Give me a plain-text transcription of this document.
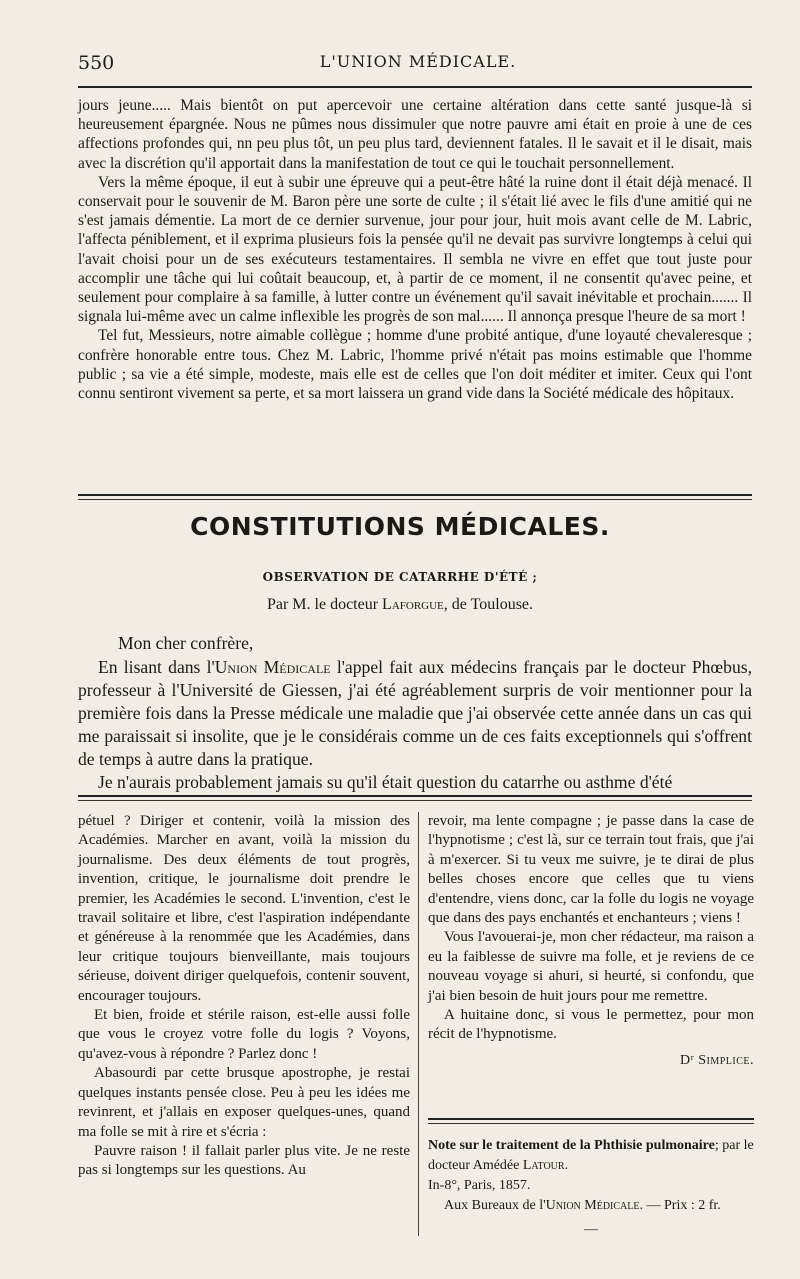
550	L'UNION MÉDICALE.

jours jeune..... Mais bientôt on put apercevoir une certaine altération dans cette santé jusque-là si heureusement épargnée. Nous ne pûmes nous dissimuler que notre pauvre ami était en proie à une de ces affections profondes qui, nn peu plus tôt, un peu plus tard, deviennent fatales. Il le savait et il le disait, mais avec la discrétion qu'il apportait dans la manifestation de tout ce qui le touchait personnellement.

Vers la même époque, il eut à subir une épreuve qui a peut-être hâté la ruine dont il était déjà menacé. Il conservait pour le souvenir de M. Baron père une sorte de culte ; il s'était lié avec le fils d'une amitié qui ne s'est jamais démentie. La mort de ce dernier survenue, jour pour jour, huit mois avant celle de M. Labric, l'affecta péniblement, et il exprima plusieurs fois la pensée qu'il ne devait pas survivre longtemps à celui qui l'avait choisi pour un de ses exécuteurs testamentaires. Il sembla ne vivre en effet que tout juste pour accomplir une tâche qui lui coûtait beaucoup, et, à partir de ce moment, il ne consentit qu'avec peine, et seulement pour complaire à sa famille, à lutter contre un événement qu'il savait inévitable et prochain....... Il signala lui-même avec un calme inflexible les progrès de son mal...... Il annonça presque l'heure de sa mort !

Tel fut, Messieurs, notre aimable collègue ; homme d'une probité antique, d'une loyauté chevaleresque ; confrère honorable entre tous. Chez M. Labric, l'homme privé n'était pas moins estimable que l'homme public ; sa vie a été simple, modeste, mais elle est de celles que l'on doit méditer et imiter. Ceux qui l'ont connu sentiront vivement sa perte, et sa mort laissera un grand vide dans la Société médicale des hôpitaux.

CONSTITUTIONS MÉDICALES.
OBSERVATION DE CATARRHE D'ÉTÉ ;
Par M. le docteur Laforgue, de Toulouse.

Mon cher confrère,

En lisant dans l'Union Médicale l'appel fait aux médecins français par le docteur Phœbus, professeur à l'Université de Giessen, j'ai été agréablement surpris de voir mentionner pour la première fois dans la Presse médicale une maladie que j'ai observée cette année dans un cas qui me paraissait si insolite, que je le considérais comme un de ces faits exceptionnels qui s'offrent de temps à autre dans la pratique.

Je n'aurais probablement jamais su qu'il était question du catarrhe ou asthme d'été

pétuel ? Diriger et contenir, voilà la mission des Académies. Marcher en avant, voilà la mission du journalisme. Des deux éléments de tout progrès, invention, critique, le journalisme doit prendre le premier, les Académies le second. L'invention, c'est le travail solitaire et libre, c'est l'aspiration indépendante et généreuse à la renommée que les Académies, dans leur critique toujours bienveillante, mais toujours sérieuse, doivent diriger quelquefois, contenir souvent, encourager toujours.

Et bien, froide et stérile raison, est-elle aussi folle que vous le croyez votre folle du logis ? Voyons, qu'avez-vous à répondre ? Parlez donc !

Abasourdi par cette brusque apostrophe, je restai quelques instants pensée close. Peu à peu les idées me revinrent, et j'allais en exposer quelques-unes, quand ma folle se mit à rire et s'écria :

Pauvre raison ! il fallait parler plus vite. Je ne reste pas si longtemps sur les questions. Au

revoir, ma lente compagne ; je passe dans la case de l'hypnotisme ; c'est là, sur ce terrain tout frais, que j'ai à m'exercer. Si tu veux me suivre, je te dirai de plus belles choses encore que celles que tu viens d'entendre, viens donc, car la folle du logis ne voyage que dans des pays enchantés et enchanteurs ; viens !

Vous l'avouerai-je, mon cher rédacteur, ma raison a eu la faiblesse de suivre ma folle, et je reviens de ce nouveau voyage si ahuri, si heurté, si confondu, que j'ai bien besoin de huit jours pour me remettre.

A huitaine donc, si vous le permettez, pour mon récit de l'hypnotisme.

Dʳ Simplice.
Note sur le traitement de la Phthisie pulmonaire; par le docteur Amédée Latour.
In-8°, Paris, 1857.
Aux Bureaux de l'Union Médicale. — Prix : 2 fr.
—
